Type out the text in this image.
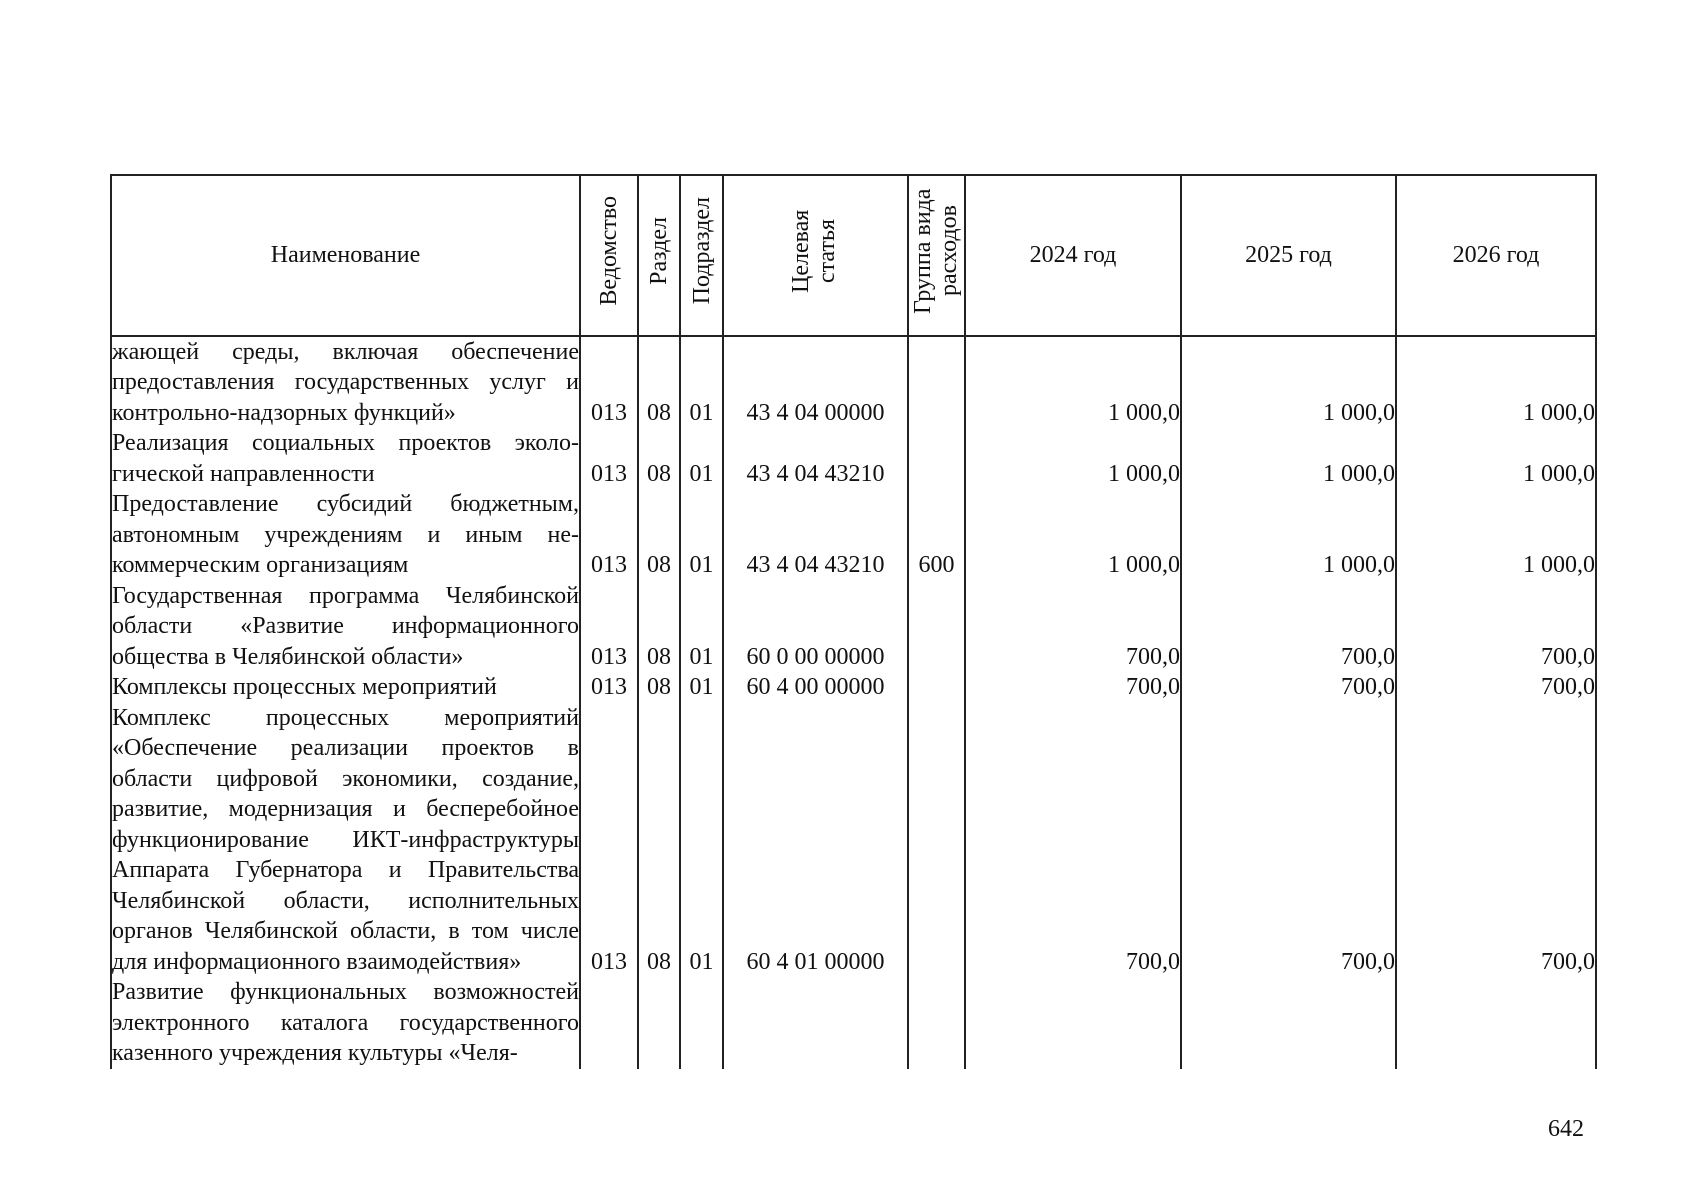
Наименование	Ведомство	Раздел	Подраздел	Целевая статья	Группа вида расходов	2024 год	2025 год	2026 год
жающей среды, включая обеспечение предоставления государственных услуг и контрольно-надзорных функций»	013	08	01	43 4 04 00000		1 000,0	1 000,0	1 000,0
Реализация социальных проектов экологической направленности	013	08	01	43 4 04 43210		1 000,0	1 000,0	1 000,0
Предоставление субсидий бюджетным, автономным учреждениям и иным некоммерческим организациям	013	08	01	43 4 04 43210	600	1 000,0	1 000,0	1 000,0
Государственная программа Челябинской области «Развитие информационного общества в Челябинской области»	013	08	01	60 0 00 00000		700,0	700,0	700,0
Комплексы процессных мероприятий	013	08	01	60 4 00 00000		700,0	700,0	700,0
Комплекс процессных мероприятий «Обеспечение реализации проектов в области цифровой экономики, создание, развитие, модернизация и бесперебойное функционирование ИКТ-инфраструктуры Аппарата Губернатора и Правительства Челябинской области, исполнительных органов Челябинской области, в том числе для информационного взаимодействия»	013	08	01	60 4 01 00000		700,0	700,0	700,0
Развитие функциональных возможностей электронного каталога государственного казенного учреждения культуры «Челя-								
642
